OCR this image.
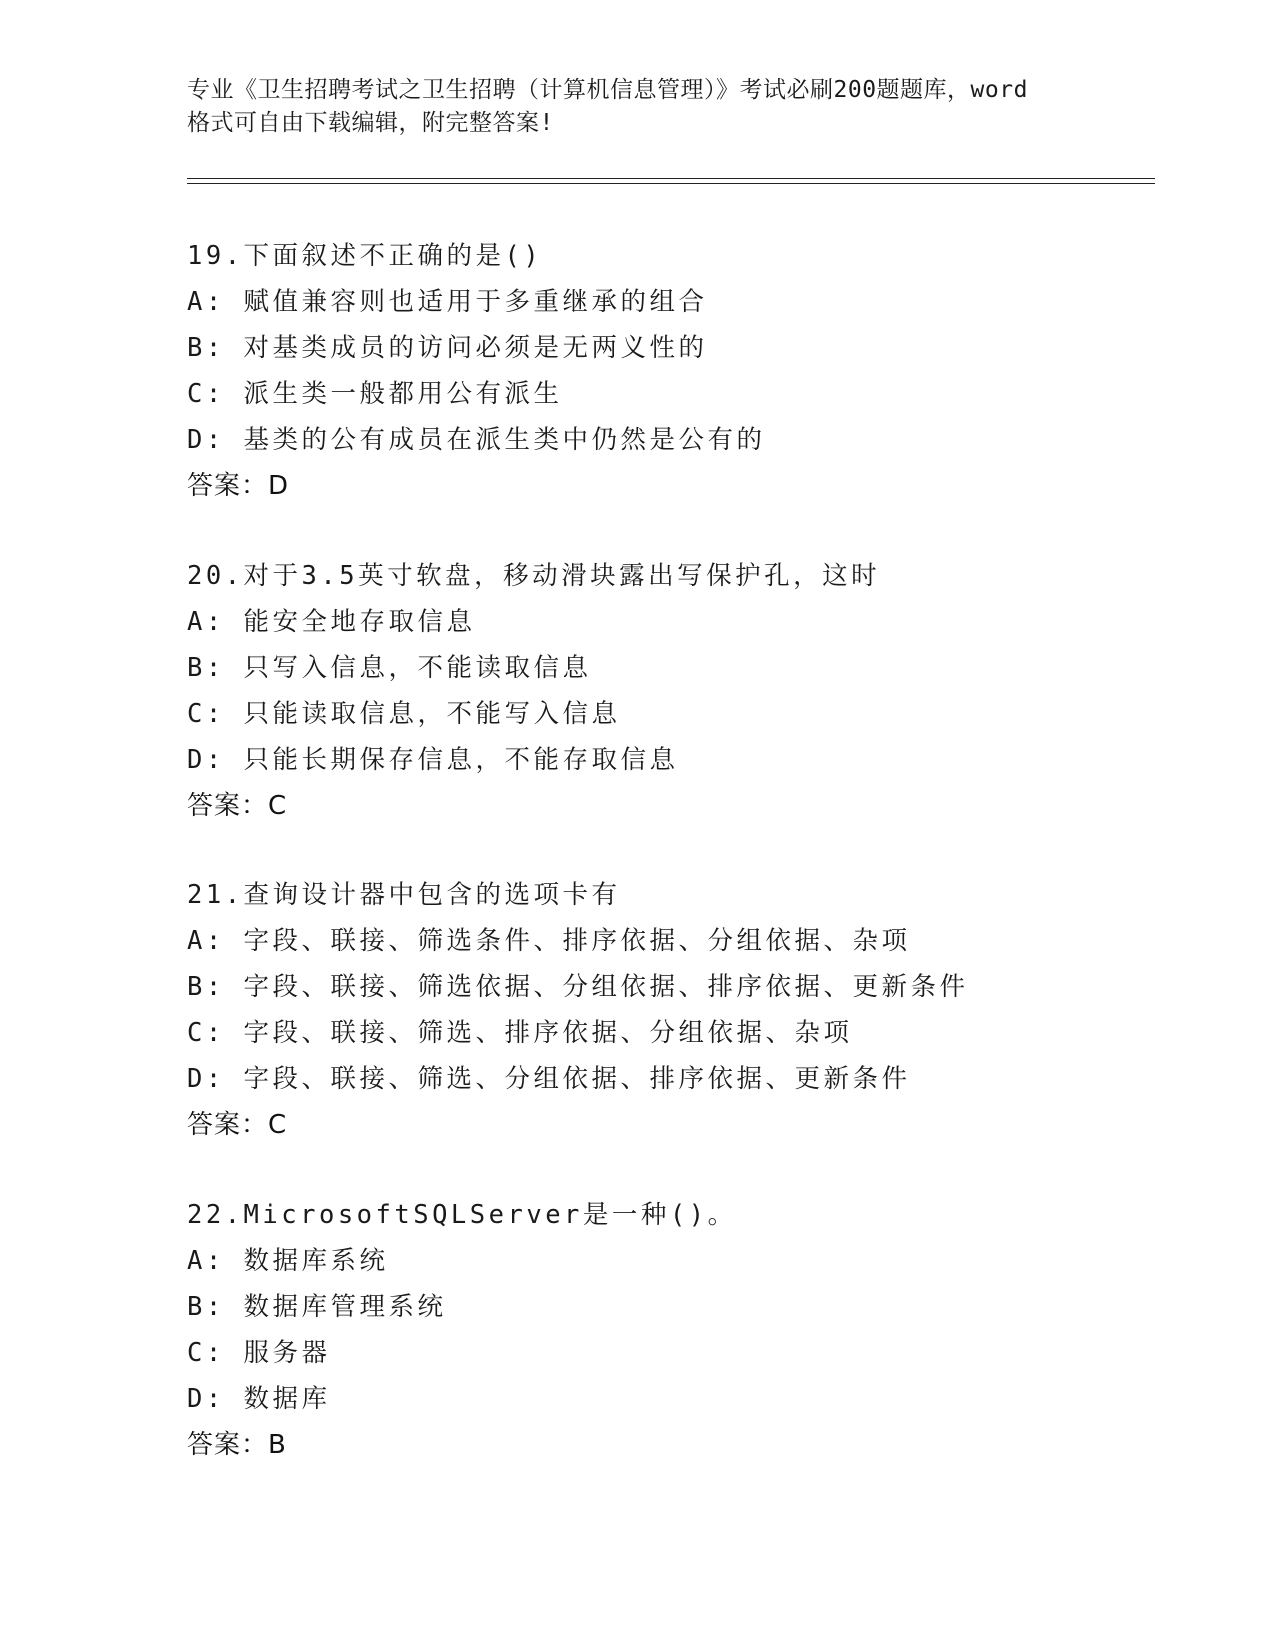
专业《卫生招聘考试之卫生招聘（计算机信息管理）》考试必刷200题题库，word
格式可自由下载编辑，附完整答案!
19.下面叙述不正确的是()
A: 赋值兼容则也适用于多重继承的组合
B: 对基类成员的访问必须是无两义性的
C: 派生类一般都用公有派生
D: 基类的公有成员在派生类中仍然是公有的
答案：D
20.对于3.5英寸软盘，移动滑块露出写保护孔，这时
A: 能安全地存取信息
B: 只写入信息，不能读取信息
C: 只能读取信息，不能写入信息
D: 只能长期保存信息，不能存取信息
答案：C
21.查询设计器中包含的选项卡有
A: 字段、联接、筛选条件、排序依据、分组依据、杂项
B: 字段、联接、筛选依据、分组依据、排序依据、更新条件
C: 字段、联接、筛选、排序依据、分组依据、杂项
D: 字段、联接、筛选、分组依据、排序依据、更新条件
答案：C
22.MicrosoftSQLServer是一种()。
A: 数据库系统
B: 数据库管理系统
C: 服务器
D: 数据库
答案：B
